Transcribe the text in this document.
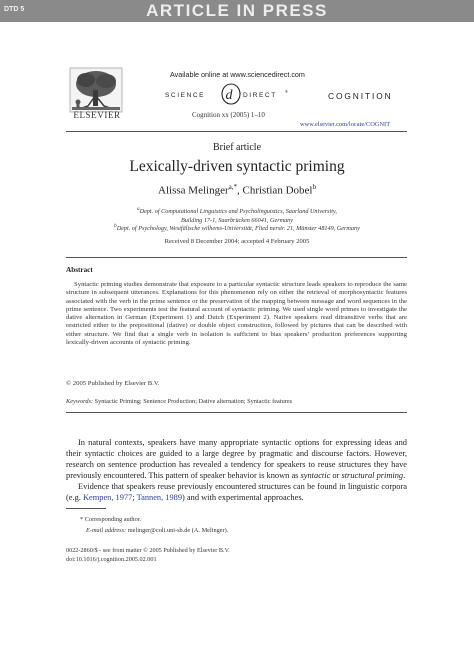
DTD 5	ARTICLE IN PRESS
ELSEVIER
Available online at www.sciencedirect.com
SCIENCE d DIRECT
®	COGNITION
Cognition xx (2005) 1–10
www.elsevier.com/locate/COGNIT
Brief article
Lexically-driven syntactic priming
Alissa Melinger$^{a,*}$, Christian Dobel$^b$
$^a$Dept. of Computational Linguistics and Psycholinguistics, Saarland University,
Building 17-1, Saarbrücken 66041, Germany
$^b$Dept. of Psychology, Westfälische wilhems-Universität, Flied nerstr. 21, Münster 48149, Germany
Received 8 December 2004; accepted 4 February 2005
Abstract
Syntactic priming studies demonstrate that exposure to a particular syntactic structure leads speakers to reproduce the same structure in subsequent utterances. Explanations for this phenomenon rely on either the retrieval of morphosyntactic features associated with the verb in the prime sentence or the preservation of the mapping between message and word sequences in the prime sentence. Two experiments test the featural account of syntactic priming. We used single word primes to investigate the dative alternation in German (Experiment 1) and Dutch (Experiment 2). Native speakers read ditransitive verbs that are restricted either to the prepositional (dative) or double object construction, followed by pictures that can be described with either structure. We find that a single verb in isolation is sufficient to bias speakers’ production preferences supporting lexically-driven accounts of syntactic priming.
© 2005 Published by Elsevier B.V.
Keywords: Syntactic Priming; Sentence Production; Dative alternation; Syntactic features
In natural contexts, speakers have many appropriate syntactic options for expressing ideas and their syntactic choices are guided to a large degree by pragmatic and discourse factors. However, research on sentence production has revealed a tendency for speakers to reuse structures they have previously encountered. This pattern of speaker behavior is known as syntactic or structural priming.
Evidence that speakers reuse previously encountered structures can be found in linguistic corpora (e.g. Kempen, 1977; Tannen, 1989) and with experimental approaches.
* Corresponding author.
E-mail address: melinger@coli.uni-sb.de (A. Melinger).
0022-2860/$ - see front matter © 2005 Published by Elsevier B.V.
doi:10.1016/j.cognition.2005.02.001
